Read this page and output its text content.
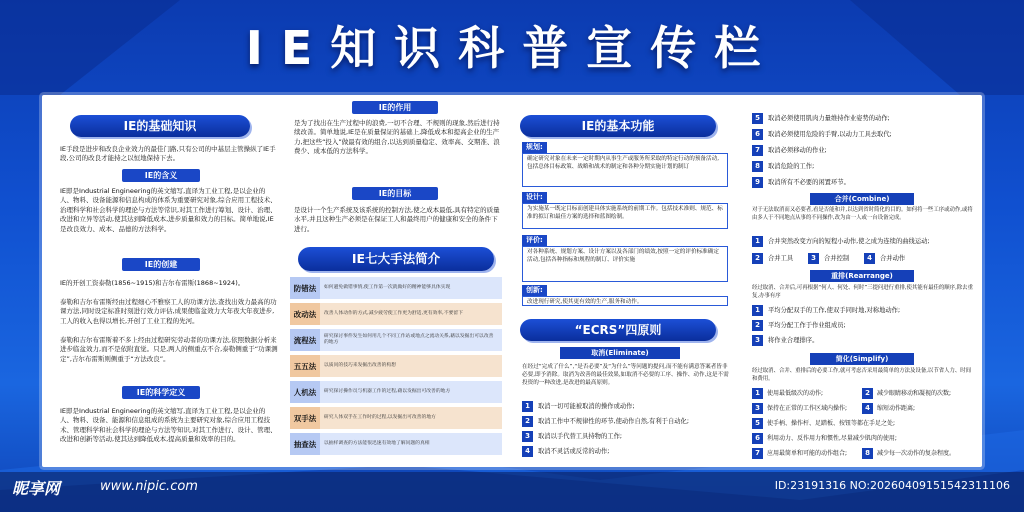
IE知识科普宣传栏
IE的基础知识
IE手段是进步和改良企业效力的最佳门路,只有公司的中基层主管操纵了IE手段,公司的改良才能持之以恒地保持下去。
IE的含义
IE即是Industrial Engineering的英文缩写,直译为工业工程,是以企业的人、物料、设备能源和信息构成的体系为重要研究对象,综合应用工程技术、治理科学和社会科学的理论与方法等常识,对其工作进行筹划、设计、治理、改进和立异等活动,使其达到降低成本,进步质量和效力的目标。简单地说,IE是改良效力、成本、品德的方法科学。
IE的创建
IE的开创工资泰勒(1856~1915)和吉尔布雷斯(1868~1924)。
泰勒和吉尔布雷斯经由过程细心不雅察工人的功课方法,查找出效力最高的功课方法,同时设定标准时刻进行效力评估,成果使临盆效力大年夜大年夜进步,工人的收入也得以增长,开创了工业工程的先河。
泰勒和吉尔布雷斯着不多上经由过程研究劳动者的功课方法,依照数据分析来进步临盆效力,而不是依附直觉。只是,两人的侧重点不合,泰勒侧重于“功课测定”,吉尔布雷斯则侧重于“方法改良”。
IE的科学定义
IE即是Industrial Engineering的英文缩写,直译为工业工程,是以企业的人、物料、设备、能源和信息组成的系统为主要研究对象,综合应用工程技术、管理科学和社会科学的理论与方法等知识,对其工作进行、设计、管理、改进和创新等活动,使其达到降低成本,提高质量和效率的目的。
IE的作用
是为了找出在生产过程中的浪费,一切不合理、不规则的现象,然后进行持续改善。简单地说,IE是在质量保证的基础上,降低成本和提高企业的生产力,把这些“投入”做最有效的组合,以达到质量稳定、效率高、交期准、浪费少、成本低的方法科学。
IE的目标
是设计一个生产系统及该系统的控制方法,使之成本最低,具有特定的质量水平,并且这种生产必须是在保证工人和最终用户的健康和安全的条件下进行。
IE七大手法简介
防错法	如何避免做错事情,使工作第一次就做好的精神能够具体实现
改动法	改善人体动作的方式,减少疲劳使工作更为舒适,更有效率,不要留下
流程法	研究探讨事件发生如何用几个不同工作站或地点之流动关系,藉以发掘出可以改善的地方
五五法	以质问的技巧来发掘出改善的构想
人机法	研究探讨操作员与机器工作的过程,藉以发掘出可改善的地方
双手法	研究人体双手在工作时的过程,以发掘出可改善的地方
抽查法	以抽样调查的方法能很迅速有效地了解问题的真相
IE的基本功能
规划:
确定研究对象在未来一定时期内从事生产或服务所采取的特定行动的预备活动,包括总体目标政策、战略和战术的制定和各种分期实施计划的制订
设计:
为实施某一既定目标而创建具体实施系统的前期工作。包括技术准则、规范、标准的拟订和最佳方案的选择和蓝图绘制。
评价:
对各种系统、规划方案、设计方案以及各部门的绩效,按照一定的评价标准确定活动,包括各种指标和规程的制订、评价实施
创新:
改进现行研究,使其更有效的生产,服务和动作。
“ECRS”四原则
取消(Eliminate)
在经过“完成了什么”,“是否必要”及“为什么”等问题的提问,而不能有满意答案者皆非必要,即予消除。取消为改善的最佳效果,如取消不必要的工序、操作、动作,这是不需投资的一种改进,是改进的最高原则。
1	取消一切可能被取消的操作或动作;
2	取消工作中不规律性的环节,使动作自然,有利于自动化;
3	取消以手代替工具持物的工作;
4	取消不灵活或反常的动作;
5	取消必须使用肌肉力量维持作业姿势的动作;
6	取消必须使用危险的手臂,以动力工具去取代;
7	取消必须移动的作业;
8	取消危险的工作;
9	取消所有不必要的闲置环节。
合并(Combine)
对于无法取消而又必要者,看是否能和并,以达到省时简化的目的。如何将一些工序或动作,或将由多人于不同地点从事的不同操作,改为由一人或一台设备完成。
1	合并突然改变方向的短程小动作,使之成为连续的曲线运动;
2	合并工具	3	合并控制	4	合并动作
重排(Rearrange)
经过取消、合并后,可再根据“何人、何处、何时”三提问进行重排,使其能有最佳的顺序,除去重复,办事有序
1	平均分配双手的工作,使双手同时地,对称地动作;
2	平均分配工作于作业组成员;
3	将作业合理排序。
简化(Simplify)
经过取消、合并、重排后的必要工作,就可考虑否采用最简单的方法及设备,以节省人力、时间和费用。
1	使用最低级次的动作;	2	减少眼睛移动和凝视的次数;
3	保持在正常的工作区域内操作;	4	缩短动作距离;
5	使手柄、操作杆、足踏板、按钮等都在手足之处;
6	利用动力、反作用力和惯性,尽量减少肌肉的使用;
7	应用最简单和可能的动作组合;	8	减少每一次动作的复杂程度。
昵享网	www.nipic.com	ID:23191316 NO:20260409151542311106
